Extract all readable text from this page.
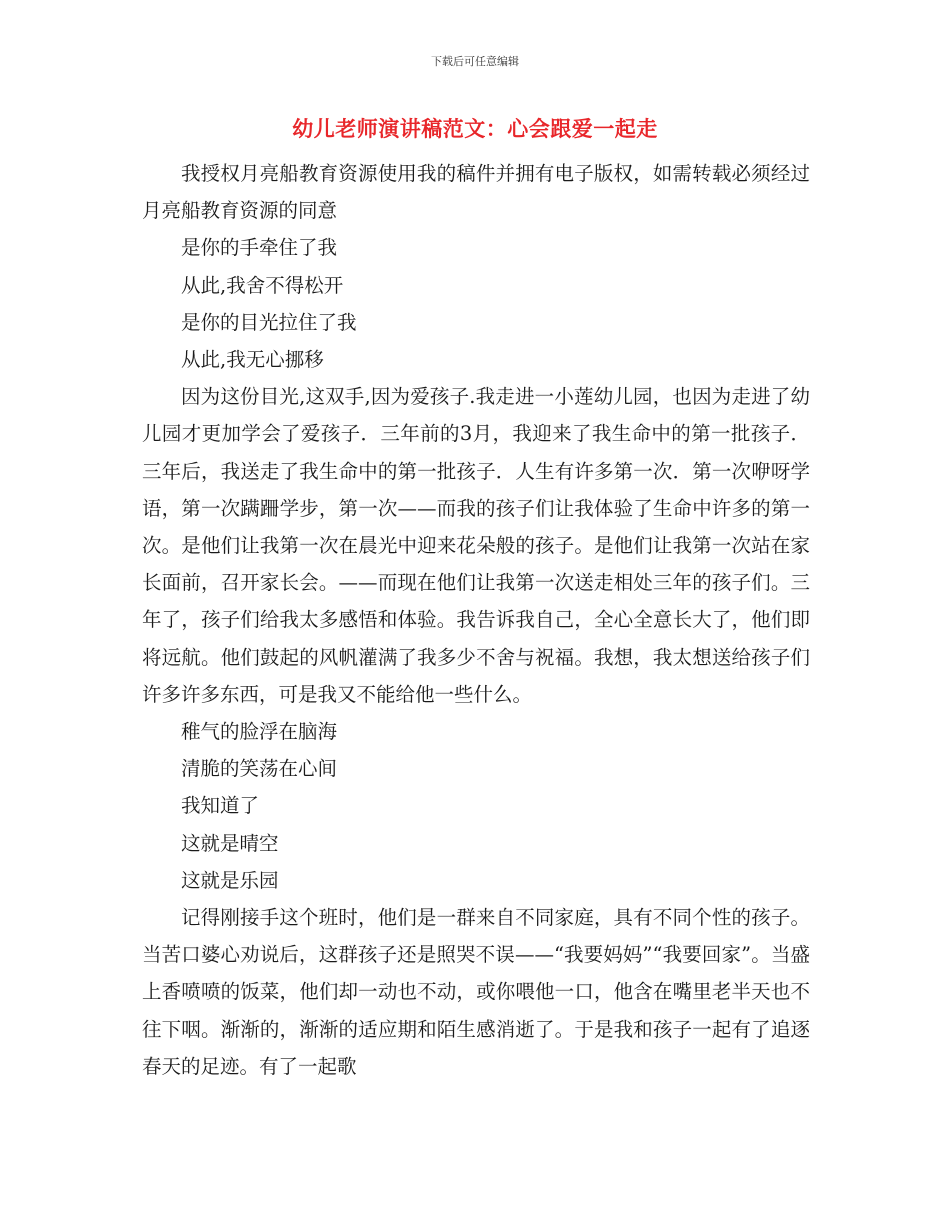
下载后可任意编辑
幼儿老师演讲稿范文：心会跟爱一起走

我授权月亮船教育资源使用我的稿件并拥有电子版权，如需转载必须经过月亮船教育资源的同意

是你的手牵住了我

从此,我舍不得松开

是你的目光拉住了我

从此,我无心挪移

因为这份目光,这双手,因为爱孩子.我走进一小莲幼儿园，也因为走进了幼儿园才更加学会了爱孩子．三年前的3月，我迎来了我生命中的第一批孩子．三年后，我送走了我生命中的第一批孩子．人生有许多第一次．第一次咿呀学语，第一次蹒跚学步，第一次——而我的孩子们让我体验了生命中许多的第一次。是他们让我第一次在晨光中迎来花朵般的孩子。是他们让我第一次站在家长面前，召开家长会。——而现在他们让我第一次送走相处三年的孩子们。三年了，孩子们给我太多感悟和体验。我告诉我自己，全心全意长大了，他们即将远航。他们鼓起的风帆灌满了我多少不舍与祝福。我想，我太想送给孩子们许多许多东西，可是我又不能给他一些什么。

稚气的脸浮在脑海

清脆的笑荡在心间

我知道了

这就是晴空

这就是乐园

记得刚接手这个班时，他们是一群来自不同家庭，具有不同个性的孩子。当苦口婆心劝说后，这群孩子还是照哭不误——“我要妈妈”“我要回家”。当盛上香喷喷的饭菜，他们却一动也不动，或你喂他一口，他含在嘴里老半天也不往下咽。渐渐的，渐渐的适应期和陌生感消逝了。于是我和孩子一起有了追逐春天的足迹。有了一起歌
